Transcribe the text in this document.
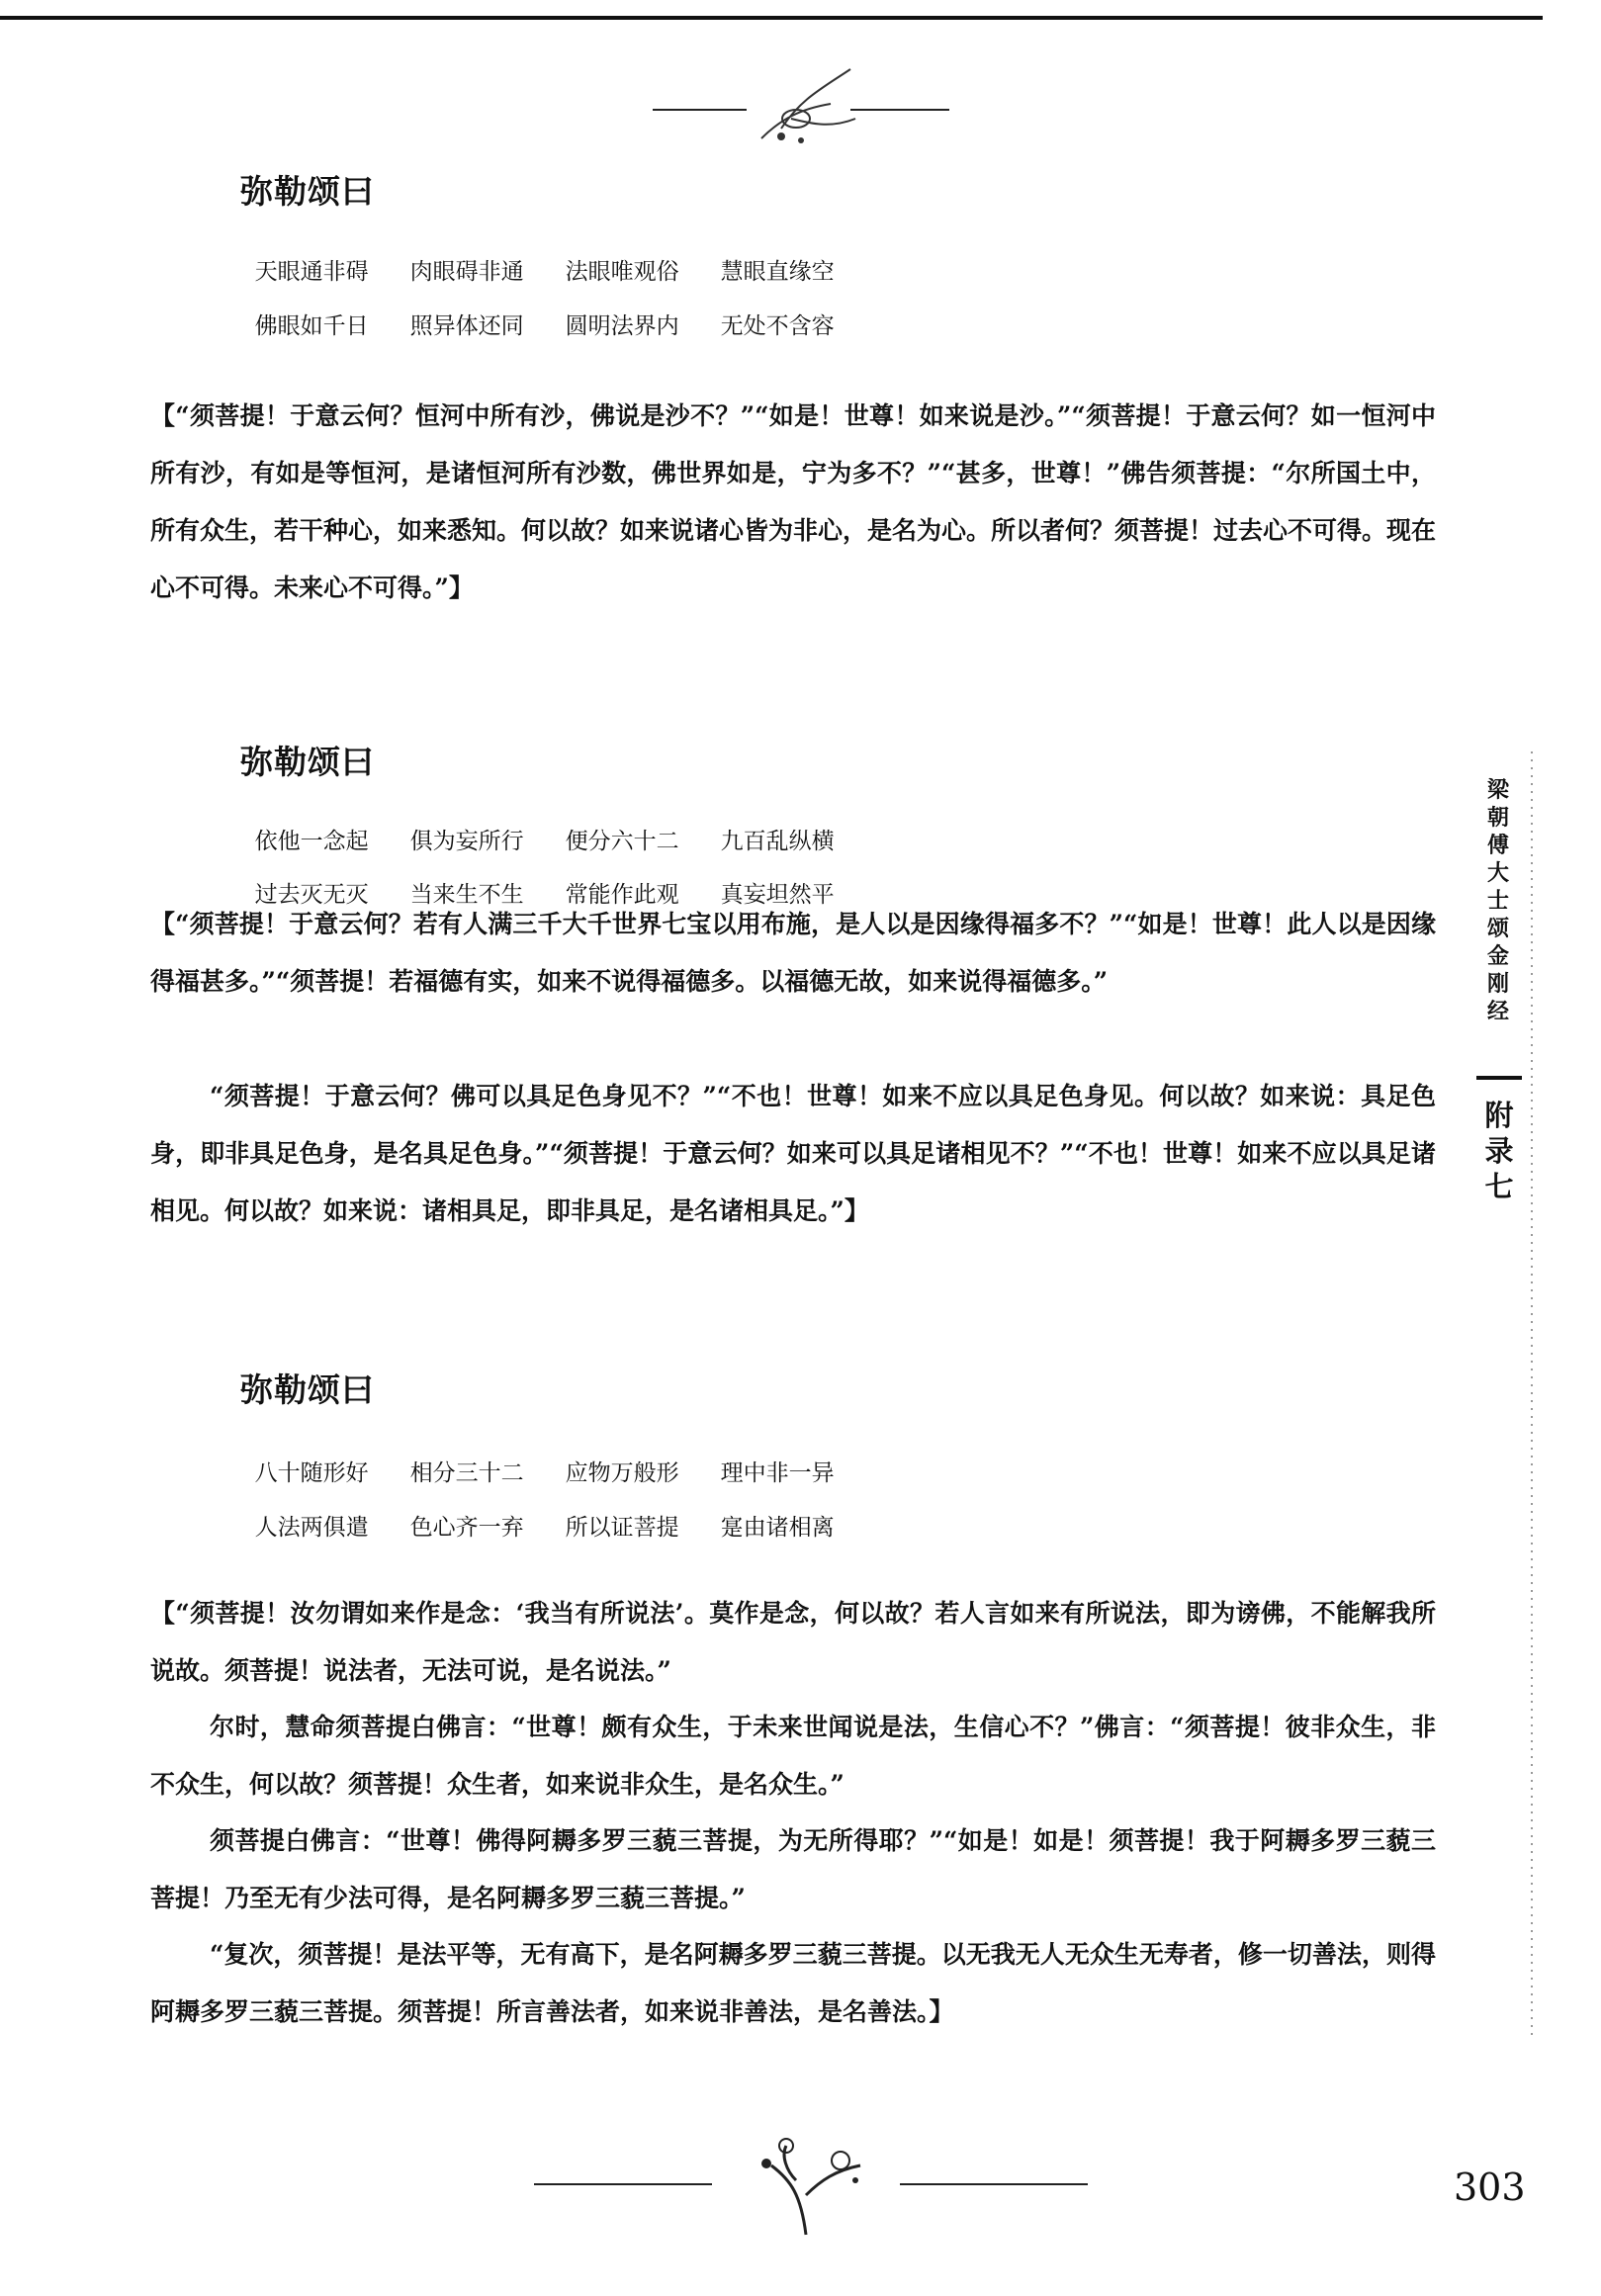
弥勒颂曰

天眼通非碍 肉眼碍非通 法眼唯观俗 慧眼直缘空

佛眼如千日 照异体还同 圆明法界内 无处不含容

【“须菩提！于意云何？恒河中所有沙，佛说是沙不？”“如是！世尊！如来说是沙。”“须菩提！于意云何？如一恒河中所有沙，有如是等恒河，是诸恒河所有沙数，佛世界如是，宁为多不？”“甚多，世尊！”佛告须菩提：“尔所国土中，所有众生，若干种心，如来悉知。何以故？如来说诸心皆为非心，是名为心。所以者何？须菩提！过去心不可得。现在心不可得。未来心不可得。”】
弥勒颂曰

依他一念起 俱为妄所行 便分六十二 九百乱纵横

过去灭无灭 当来生不生 常能作此观 真妄坦然平

【“须菩提！于意云何？若有人满三千大千世界七宝以用布施，是人以是因缘得福多不？”“如是！世尊！此人以是因缘得福甚多。”“须菩提！若福德有实，如来不说得福德多。以福德无故，如来说得福德多。”
“须菩提！于意云何？佛可以具足色身见不？”“不也！世尊！如来不应以具足色身见。何以故？如来说：具足色身，即非具足色身，是名具足色身。”“须菩提！于意云何？如来可以具足诸相见不？”“不也！世尊！如来不应以具足诸相见。何以故？如来说：诸相具足，即非具足，是名诸相具足。”】
弥勒颂曰

八十随形好 相分三十二 应物万般形 理中非一异

人法两俱遣 色心齐一弃 所以证菩提 寔由诸相离

【“须菩提！汝勿谓如来作是念：‘我当有所说法’。莫作是念，何以故？若人言如来有所说法，即为谤佛，不能解我所说故。须菩提！说法者，无法可说，是名说法。”
尔时，慧命须菩提白佛言：“世尊！颇有众生，于未来世闻说是法，生信心不？”佛言：“须菩提！彼非众生，非不众生，何以故？须菩提！众生者，如来说非众生，是名众生。”
须菩提白佛言：“世尊！佛得阿耨多罗三藐三菩提，为无所得耶？”“如是！如是！须菩提！我于阿耨多罗三藐三菩提！乃至无有少法可得，是名阿耨多罗三藐三菩提。”
“复次，须菩提！是法平等，无有高下，是名阿耨多罗三藐三菩提。以无我无人无众生无寿者，修一切善法，则得阿耨多罗三藐三菩提。须菩提！所言善法者，如来说非善法，是名善法。】
梁朝傅大士颂金刚经
附录七
303
